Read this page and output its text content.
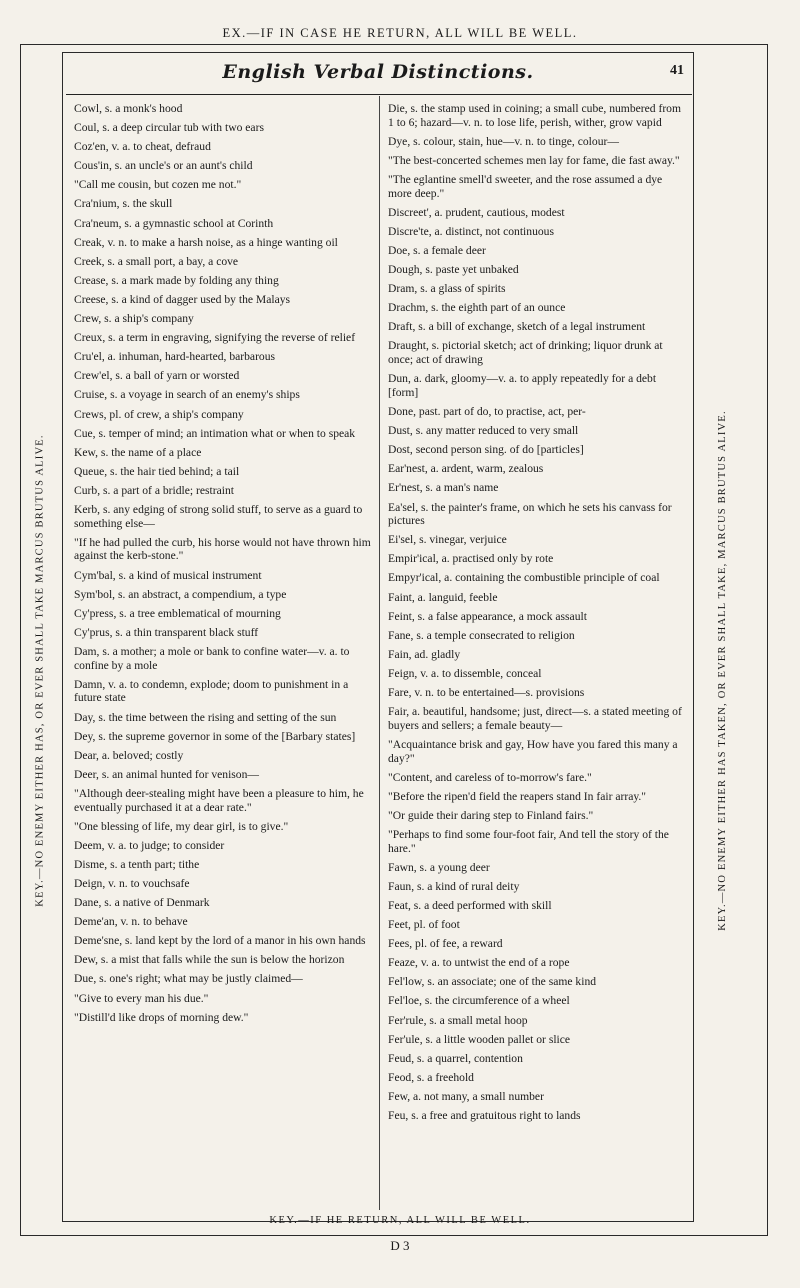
EX.—IF IN CASE HE RETURN, ALL WILL BE WELL.
English Verbal Distinctions.	41
KEY.—NO ENEMY EITHER HAS, OR EVER SHALL TAKE MARCUS BRUTUS ALIVE.	KEY.—NO ENEMY EITHER HAS TAKEN, OR EVER SHALL TAKE, MARCUS BRUTUS ALIVE.
Cowl, s. a monk's hood
Coul, s. a deep circular tub with two ears
Coz'en, v. a. to cheat, defraud
Cous'in, s. an uncle's or an aunt's child
"Call me cousin, but cozen me not."
Cra'nium, s. the skull
Cra'neum, s. a gymnastic school at Corinth
Creak, v. n. to make a harsh noise, as a hinge wanting oil
Creek, s. a small port, a bay, a cove
Crease, s. a mark made by folding any thing
Creese, s. a kind of dagger used by the Malays
Crew, s. a ship's company
Creux, s. a term in engraving, signifying the reverse of relief
Cru'el, a. inhuman, hard-hearted, barbarous
Crew'el, s. a ball of yarn or worsted
Cruise, s. a voyage in search of an enemy's ships
Crews, pl. of crew, a ship's company
Cue, s. temper of mind; an intimation what or when to speak
Kew, s. the name of a place
Queue, s. the hair tied behind; a tail
Curb, s. a part of a bridle; restraint
Kerb, s. any edging of strong solid stuff, to serve as a guard to something else—
"If he had pulled the curb, his horse would not have thrown him against the kerb-stone."
Cym'bal, s. a kind of musical instrument
Sym'bol, s. an abstract, a compendium, a type
Cy'press, s. a tree emblematical of mourning
Cy'prus, s. a thin transparent black stuff
Dam, s. a mother; a mole or bank to confine water—v. a. to confine by a mole
Damn, v. a. to condemn, explode; doom to punishment in a future state
Day, s. the time between the rising and setting of the sun
Dey, s. the supreme governor in some of the [Barbary states]
Dear, a. beloved; costly
Deer, s. an animal hunted for venison—
"Although deer-stealing might have been a pleasure to him, he eventually purchased it at a dear rate."
"One blessing of life, my dear girl, is to give."
Deem, v. a. to judge; to consider
Disme, s. a tenth part; tithe
Deign, v. n. to vouchsafe
Dane, s. a native of Denmark
Deme'an, v. n. to behave
Deme'sne, s. land kept by the lord of a manor in his own hands
Dew, s. a mist that falls while the sun is below the horizon
Due, s. one's right; what may be justly claimed—
"Give to every man his due."
"Distill'd like drops of morning dew."
Die, s. the stamp used in coining; a small cube, numbered from 1 to 6; hazard—v. n. to lose life, perish, wither, grow vapid
Dye, s. colour, stain, hue—v. n. to tinge, colour—
"The best-concerted schemes men lay for fame, die fast away."
"The eglantine smell'd sweeter, and the rose assumed a dye more deep."
Discreet', a. prudent, cautious, modest
Discre'te, a. distinct, not continuous
Doe, s. a female deer
Dough, s. paste yet unbaked
Dram, s. a glass of spirits
Drachm, s. the eighth part of an ounce
Draft, s. a bill of exchange, sketch of a legal instrument
Draught, s. pictorial sketch; act of drinking; liquor drunk at once; act of drawing
Dun, a. dark, gloomy—v. a. to apply repeatedly for a debt [form]
Done, past. part of do, to practise, act, per-
Dust, s. any matter reduced to very small
Dost, second person sing. of do [particles]
Ear'nest, a. ardent, warm, zealous
Er'nest, s. a man's name
Ea'sel, s. the painter's frame, on which he sets his canvass for pictures
Ei'sel, s. vinegar, verjuice
Empir'ical, a. practised only by rote
Empyr'ical, a. containing the combustible principle of coal
Faint, a. languid, feeble
Feint, s. a false appearance, a mock assault
Fane, s. a temple consecrated to religion
Fain, ad. gladly
Feign, v. a. to dissemble, conceal
Fare, v. n. to be entertained—s. provisions
Fair, a. beautiful, handsome; just, direct—s. a stated meeting of buyers and sellers; a female beauty—
"Acquaintance brisk and gay, How have you fared this many a day?"
"Content, and careless of to-morrow's fare."
"Before the ripen'd field the reapers stand In fair array."
"Or guide their daring step to Finland fairs."
"Perhaps to find some four-foot fair, And tell the story of the hare."
Fawn, s. a young deer
Faun, s. a kind of rural deity
Feat, s. a deed performed with skill
Feet, pl. of foot
Fees, pl. of fee, a reward
Feaze, v. a. to untwist the end of a rope
Fel'low, s. an associate; one of the same kind
Fel'loe, s. the circumference of a wheel
Fer'rule, s. a small metal hoop
Fer'ule, s. a little wooden pallet or slice
Feud, s. a quarrel, contention
Feod, s. a freehold
Few, a. not many, a small number
Feu, s. a free and gratuitous right to lands
KEY.—IF HE RETURN, ALL WILL BE WELL.
D 3
